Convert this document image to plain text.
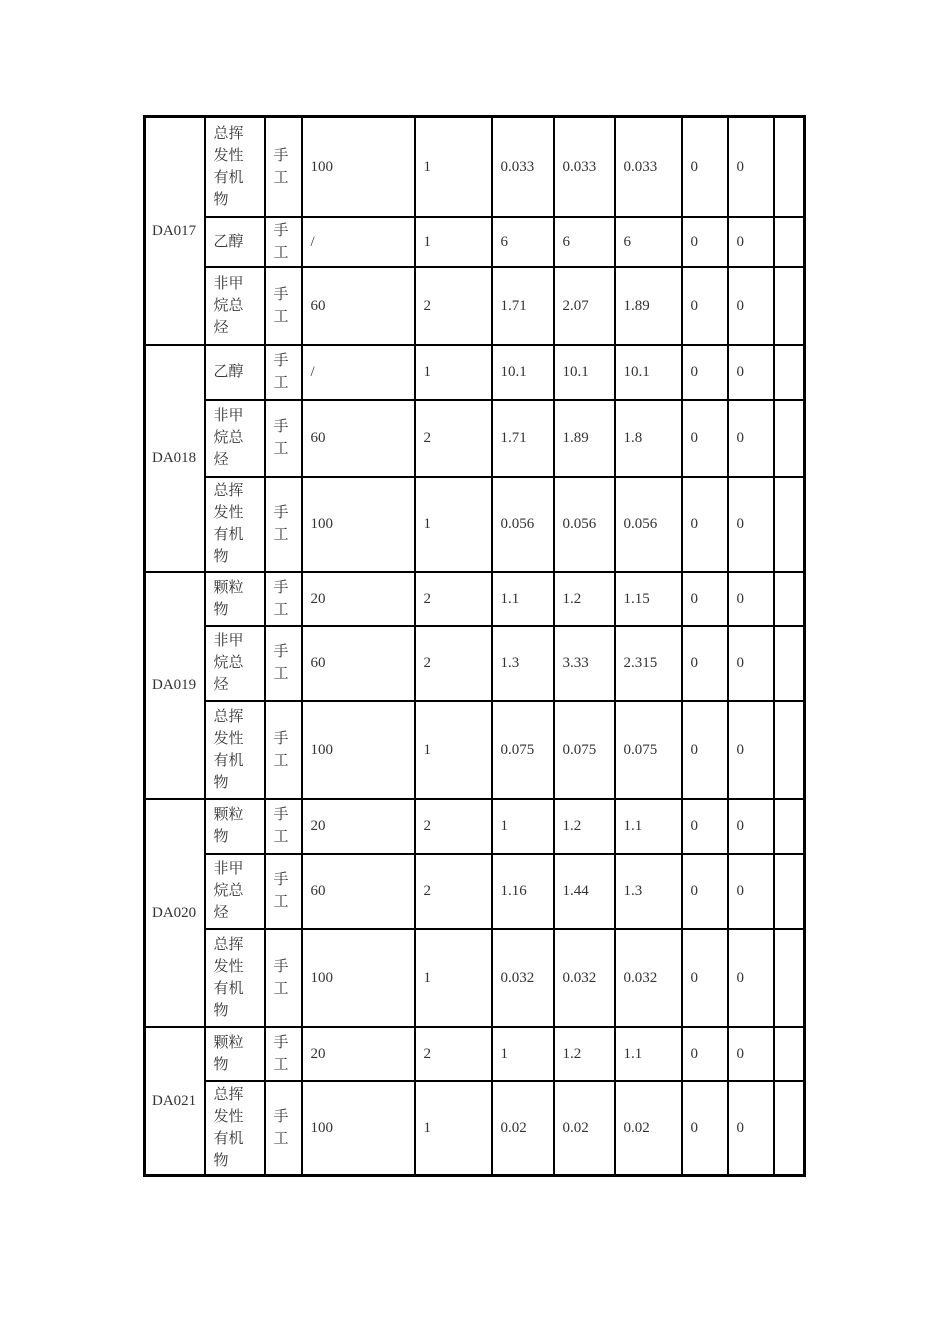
DA017	总挥发性有机物	手工	100	1	0.033	0.033	0.033	0	0	
	乙醇	手工	/	1	6	6	6	0	0	
	非甲烷总烃	手工	60	2	1.71	2.07	1.89	0	0	
DA018	乙醇	手工	/	1	10.1	10.1	10.1	0	0	
	非甲烷总烃	手工	60	2	1.71	1.89	1.8	0	0	
	总挥发性有机物	手工	100	1	0.056	0.056	0.056	0	0	
DA019	颗粒物	手工	20	2	1.1	1.2	1.15	0	0	
	非甲烷总烃	手工	60	2	1.3	3.33	2.315	0	0	
	总挥发性有机物	手工	100	1	0.075	0.075	0.075	0	0	
DA020	颗粒物	手工	20	2	1	1.2	1.1	0	0	
	非甲烷总烃	手工	60	2	1.16	1.44	1.3	0	0	
	总挥发性有机物	手工	100	1	0.032	0.032	0.032	0	0	
DA021	颗粒物	手工	20	2	1	1.2	1.1	0	0	
	总挥发性有机物	手工	100	1	0.02	0.02	0.02	0	0	
